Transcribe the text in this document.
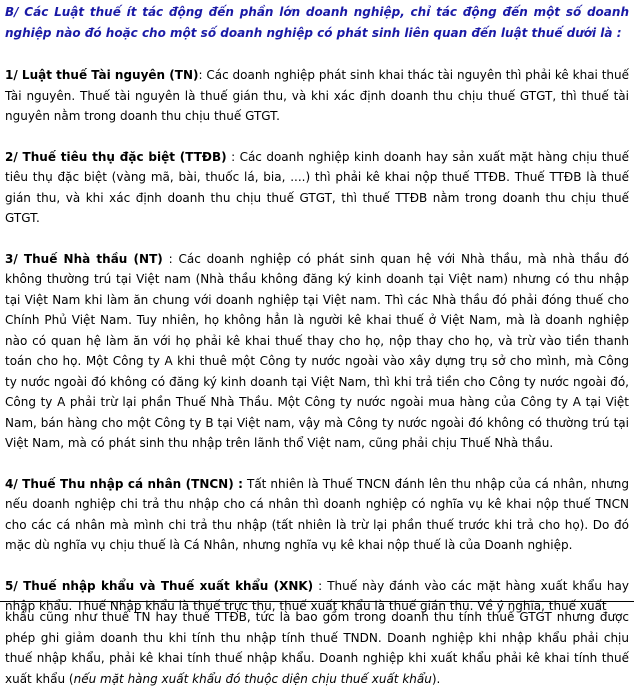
B/ Các Luật thuế ít tác động đến phần lớn doanh nghiệp, chỉ tác động đến một số doanh nghiệp nào đó hoặc cho một số doanh nghiệp có phát sinh liên quan đến luật thuế dưới là :

1/ Luật thuế Tài nguyên (TN): Các doanh nghiệp phát sinh khai thác tài nguyên thì phải kê khai thuế Tài nguyên. Thuế tài nguyên là thuế gián thu, và khi xác định doanh thu chịu thuế GTGT, thì thuế tài nguyên nằm trong doanh thu chịu thuế GTGT.

2/ Thuế tiêu thụ đặc biệt (TTĐB) : Các doanh nghiệp kinh doanh hay sản xuất mặt hàng chịu thuế tiêu thụ đặc biệt (vàng mã, bài, thuốc lá, bia, ....) thì phải kê khai nộp thuế TTĐB. Thuế TTĐB là thuế gián thu, và khi xác định doanh thu chịu thuế GTGT, thì thuế TTĐB nằm trong doanh thu chịu thuế GTGT.

3/ Thuế Nhà thầu (NT) : Các doanh nghiệp có phát sinh quan hệ với Nhà thầu, mà nhà thầu đó không thường trú tại Việt nam (Nhà thầu không đăng ký kinh doanh tại Việt nam) nhưng có thu nhập tại Việt Nam khi làm ăn chung với doanh nghiệp tại Việt nam. Thì các Nhà thầu đó phải đóng thuế cho Chính Phủ Việt Nam. Tuy nhiên, họ không hẳn là người kê khai thuế ở Việt Nam, mà là doanh nghiệp nào có quan hệ làm ăn với họ phải kê khai thuế thay cho họ, nộp thay cho họ, và trừ vào tiền thanh toán cho họ. Một Công ty A khi thuê một Công ty nước ngoài vào xây dựng trụ sở cho mình, mà Công ty nước ngoài đó không có đăng ký kinh doanh tại Việt Nam, thì khi trả tiền cho Công ty nước ngoài đó, Công ty A phải trừ lại phần Thuế Nhà Thầu. Một Công ty nước ngoài mua hàng của Công ty A tại Việt Nam, bán hàng cho một Công ty B tại Việt nam, vậy mà Công ty nước ngoài đó không có thường trú tại Việt Nam, mà có phát sinh thu nhập trên lãnh thổ Việt nam, cũng phải chịu Thuế Nhà thầu.

4/ Thuế Thu nhập cá nhân (TNCN) : Tất nhiên là Thuế TNCN đánh lên thu nhập của cá nhân, nhưng nếu doanh nghiệp chi trả thu nhập cho cá nhân thì doanh nghiệp có nghĩa vụ kê khai nộp thuế TNCN cho các cá nhân mà mình chi trả thu nhập (tất nhiên là trừ lại phần thuế trước khi trả cho họ). Do đó mặc dù nghĩa vụ chịu thuế là Cá Nhân, nhưng nghĩa vụ kê khai nộp thuế là của Doanh nghiệp.

5/ Thuế nhập khẩu và Thuế xuất khẩu (XNK) : Thuế này đánh vào các mặt hàng xuất khẩu hay nhập khẩu. Thuế Nhập khẩu là thuế trực thu, thuế xuất khẩu là thuế gián thu. Về ý nghĩa, thuế xuất

khẩu cũng như thuế TN hay thuế TTĐB, tức là bao gồm trong doanh thu tính thuế GTGT nhưng được phép ghi giảm doanh thu khi tính thu nhập tính thuế TNDN. Doanh nghiệp khi nhập khẩu phải chịu thuế nhập khẩu, phải kê khai tính thuế nhập khẩu. Doanh nghiệp khi xuất khẩu phải kê khai tính thuế xuất khẩu (nếu mặt hàng xuất khẩu đó thuộc diện chịu thuế xuất khẩu).
